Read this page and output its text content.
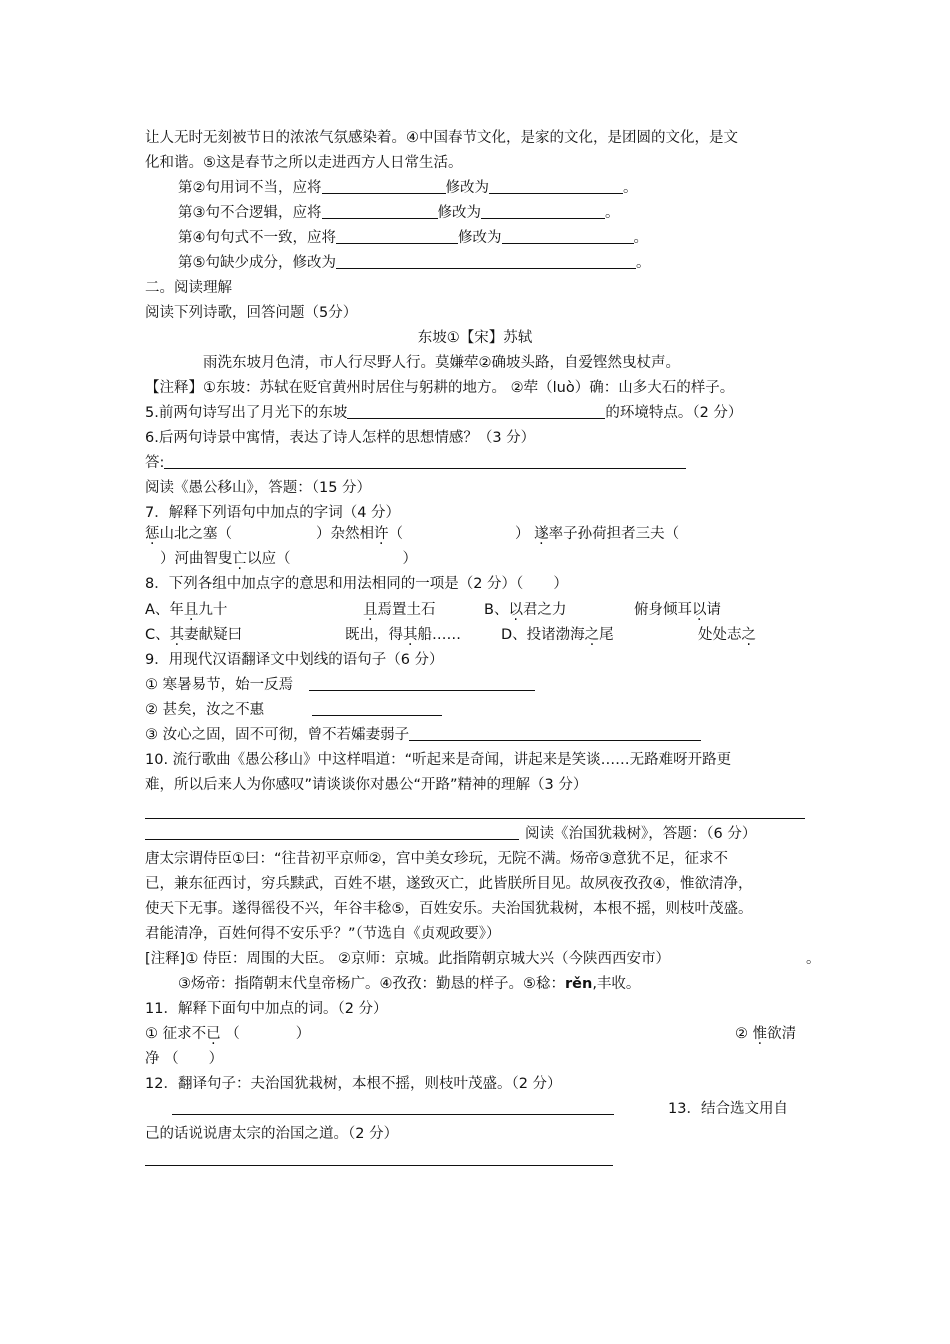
让人无时无刻被节日的浓浓气氛感染着。④中国春节文化，是家的文化，是团圆的文化，是文
化和谐。⑤这是春节之所以走进西方人日常生活。
第②句用词不当，应将	修改为	。
第③句不合逻辑，应将	修改为	。
第④句句式不一致，应将	修改为	。
第⑤句缺少成分，修改为	。
二。阅读理解
阅读下列诗歌，回答问题（5分）
东坡①【宋】苏轼
雨洗东坡月色清，市人行尽野人行。莫嫌荦②确坡头路，自爱铿然曳杖声。
【注释】①东坡：苏轼在贬官黄州时居住与躬耕的地方。 ②荦（luò）确：山多大石的样子。
5.前两句诗写出了月光下的东坡	的环境特点。（2 分）
6.后两句诗景中寓情，表达了诗人怎样的思想情感？（3 分）
答:
阅读《愚公移山》，答题：（15 分）
7．解释下列语句中加点的字词（4 分）
惩山北之塞（	）杂然相许（	） 遂率子孙荷担者三夫（
）河曲智叟亡以应（	）
8．下列各组中加点字的意思和用法相同的一项是（2 分）（ ）
A、年且九十	且焉置土石	B、以君之力	俯身倾耳以请
C、其妻献疑曰	既出，得其船……	D、投诸渤海之尾	处处志之
9．用现代汉语翻译文中划线的语句子（6 分）
① 寒暑易节，始一反焉
② 甚矣，汝之不惠
③ 汝心之固，固不可彻，曾不若孀妻弱子
10. 流行歌曲《愚公移山》中这样唱道：“听起来是奇闻，讲起来是笑谈……无路难呀开路更
难，所以后来人为你感叹”请谈谈你对愚公“开路”精神的理解（3 分）
阅读《治国犹栽树》，答题：（6 分）
唐太宗谓侍臣①曰：“往昔初平京师②，宫中美女珍玩，无院不满。炀帝③意犹不足，征求不
已，兼东征西讨，穷兵黩武，百姓不堪，遂致灭亡，此皆朕所目见。故夙夜孜孜④，惟欲清净，
使天下无事。遂得徭役不兴，年谷丰稔⑤，百姓安乐。夫治国犹栽树，本根不摇，则枝叶茂盛。
君能清净，百姓何得不安乐乎？”（节选自《贞观政要》）
[注释]① 侍臣：周围的大臣。 ②京师：京城。此指隋朝京城大兴（今陕西西安市）	。
③炀帝：指隋朝末代皇帝杨广。④孜孜：勤恳的样子。⑤稔：rěn,丰收。
11．解释下面句中加点的词。（2 分）
① 征求不已 （	）	② 惟欲清
净 （ ）
12．翻译句子：夫治国犹栽树，本根不摇，则枝叶茂盛。（2 分）
13．结合选文用自
己的话说说唐太宗的治国之道。（2 分）
